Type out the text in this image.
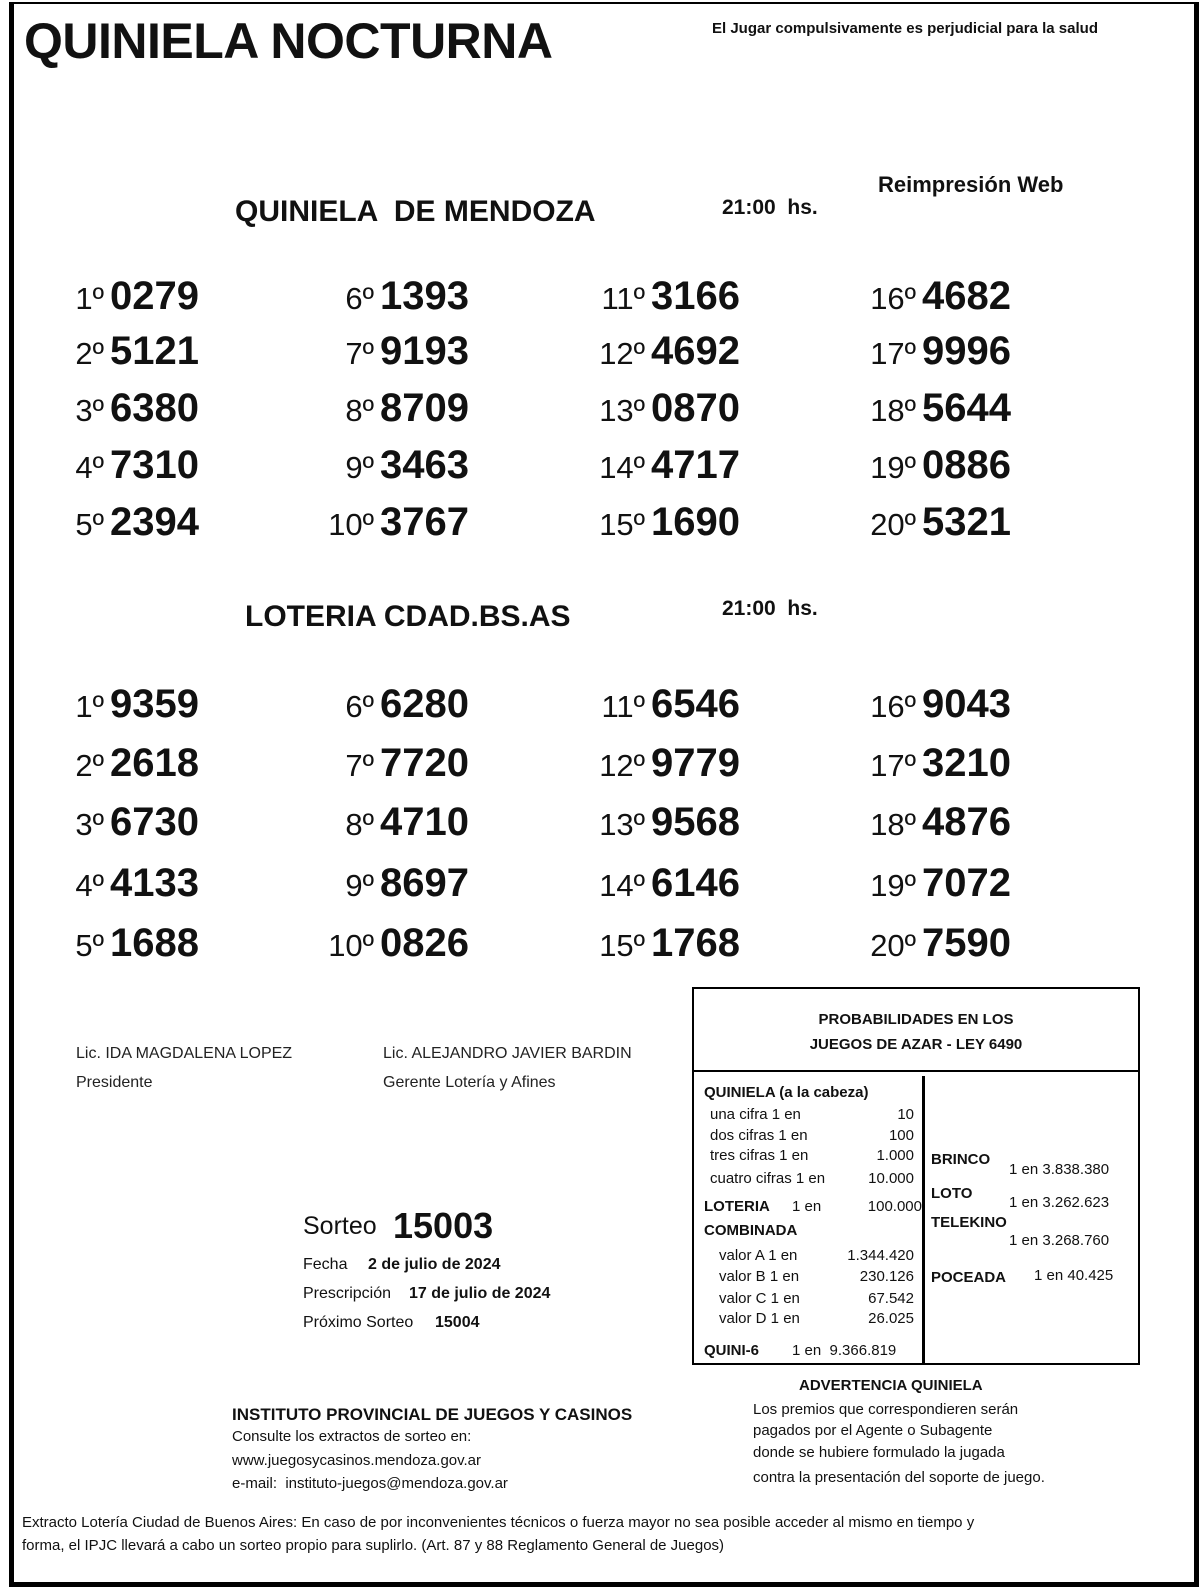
QUINIELA NOCTURNA	El Jugar compulsivamente es perjudicial para la salud
Reimpresión Web
QUINIELA  DE MENDOZA	21:00  hs.
1º 0279
2º 5121
3º 6380
4º 7310
5º 2394
6º 1393
7º 9193
8º 8709
9º 3463
10º 3767
11º 3166
12º 4692
13º 0870
14º 4717
15º 1690
16º 4682
17º 9996
18º 5644
19º 0886
20º 5321
LOTERIA CDAD.BS.AS	21:00  hs.
1º 9359
2º 2618
3º 6730
4º 4133
5º 1688
6º 6280
7º 7720
8º 4710
9º 8697
10º 0826
11º 6546
12º 9779
13º 9568
14º 6146
15º 1768
16º 9043
17º 3210
18º 4876
19º 7072
20º 7590
Lic. IDA MAGDALENA LOPEZ
Presidente
Lic. ALEJANDRO JAVIER BARDIN
Gerente Lotería y Afines
Sorteo 15003
Fecha 2 de julio de 2024
Prescripción 17 de julio de 2024
Próximo Sorteo 15004
PROBABILIDADES EN LOS
JUEGOS DE AZAR - LEY 6490
QUINIELA (a la cabeza)
una cifra 1 en	10
dos cifras 1 en	100
tres cifras 1 en	1.000
cuatro cifras 1 en	10.000
LOTERIA 1 en	100.000
COMBINADA
valor A 1 en	1.344.420
valor B 1 en	230.126
valor C 1 en	67.542
valor D 1 en	26.025
QUINI-6 1 en  9.366.819
BRINCO
1 en 3.838.380
LOTO
1 en 3.262.623
TELEKINO
1 en 3.268.760
POCEADA 1 en 40.425
INSTITUTO PROVINCIAL DE JUEGOS Y CASINOS
Consulte los extractos de sorteo en:
www.juegosycasinos.mendoza.gov.ar
e-mail:  instituto-juegos@mendoza.gov.ar
ADVERTENCIA QUINIELA
Los premios que correspondieren serán
pagados por el Agente o Subagente
donde se hubiere formulado la jugada
contra la presentación del soporte de juego.
Extracto Lotería Ciudad de Buenos Aires: En caso de por inconvenientes técnicos o fuerza mayor no sea posible acceder al mismo en tiempo y
forma, el IPJC llevará a cabo un sorteo propio para suplirlo. (Art. 87 y 88 Reglamento General de Juegos)
